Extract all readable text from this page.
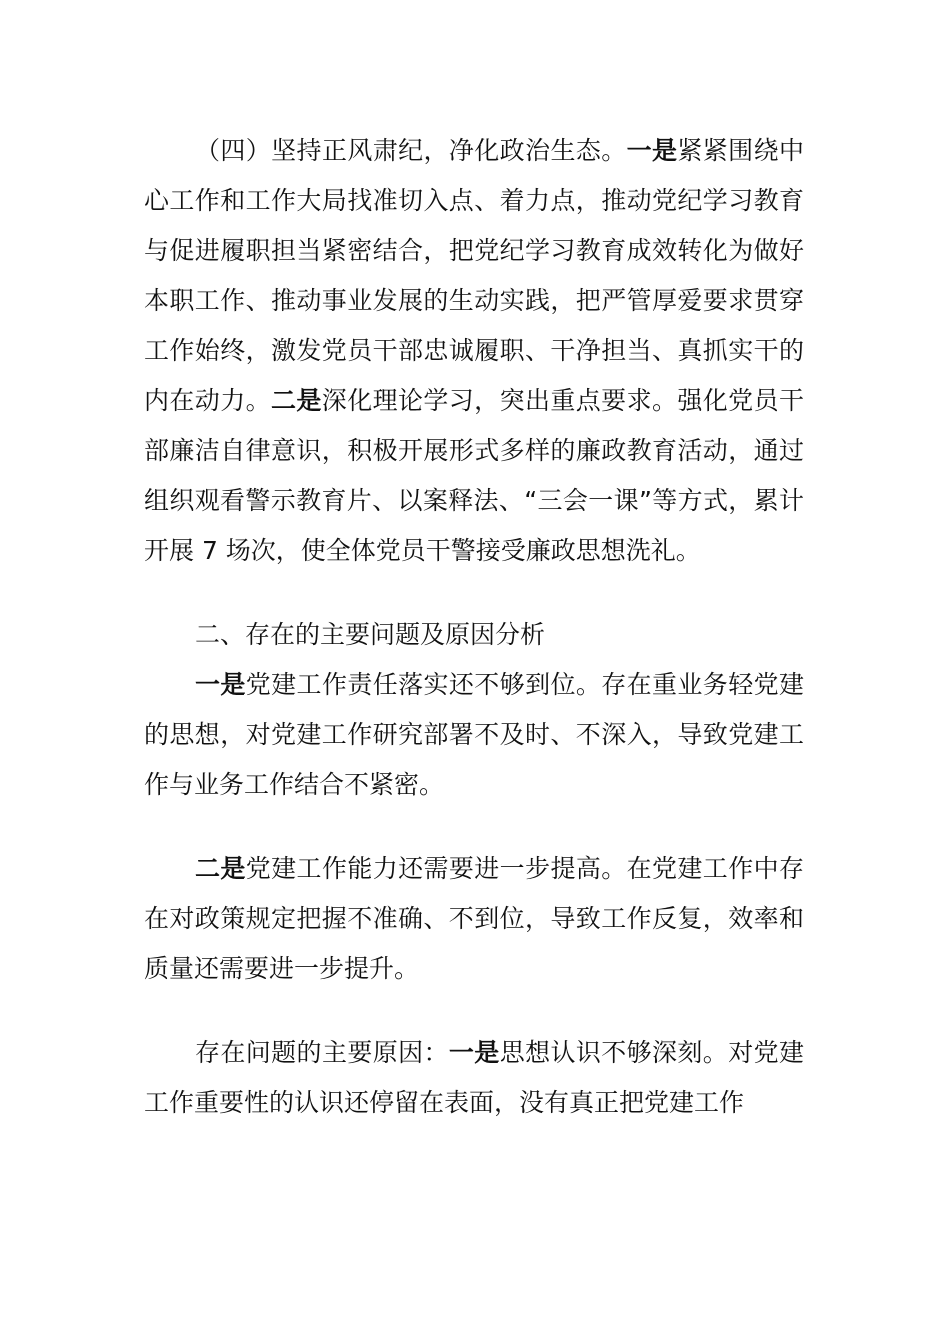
（四）坚持正风肃纪，净化政治生态。一是紧紧围绕中心工作和工作大局找准切入点、着力点，推动党纪学习教育与促进履职担当紧密结合，把党纪学习教育成效转化为做好本职工作、推动事业发展的生动实践，把严管厚爱要求贯穿工作始终，激发党员干部忠诚履职、干净担当、真抓实干的内在动力。二是深化理论学习，突出重点要求。强化党员干部廉洁自律意识，积极开展形式多样的廉政教育活动，通过组织观看警示教育片、以案释法、“三会一课”等方式，累计开展 7 场次，使全体党员干警接受廉政思想洗礼。

二、存在的主要问题及原因分析

一是党建工作责任落实还不够到位。存在重业务轻党建的思想，对党建工作研究部署不及时、不深入，导致党建工作与业务工作结合不紧密。

二是党建工作能力还需要进一步提高。在党建工作中存在对政策规定把握不准确、不到位，导致工作反复，效率和质量还需要进一步提升。

存在问题的主要原因：一是思想认识不够深刻。对党建工作重要性的认识还停留在表面，没有真正把党建工作
